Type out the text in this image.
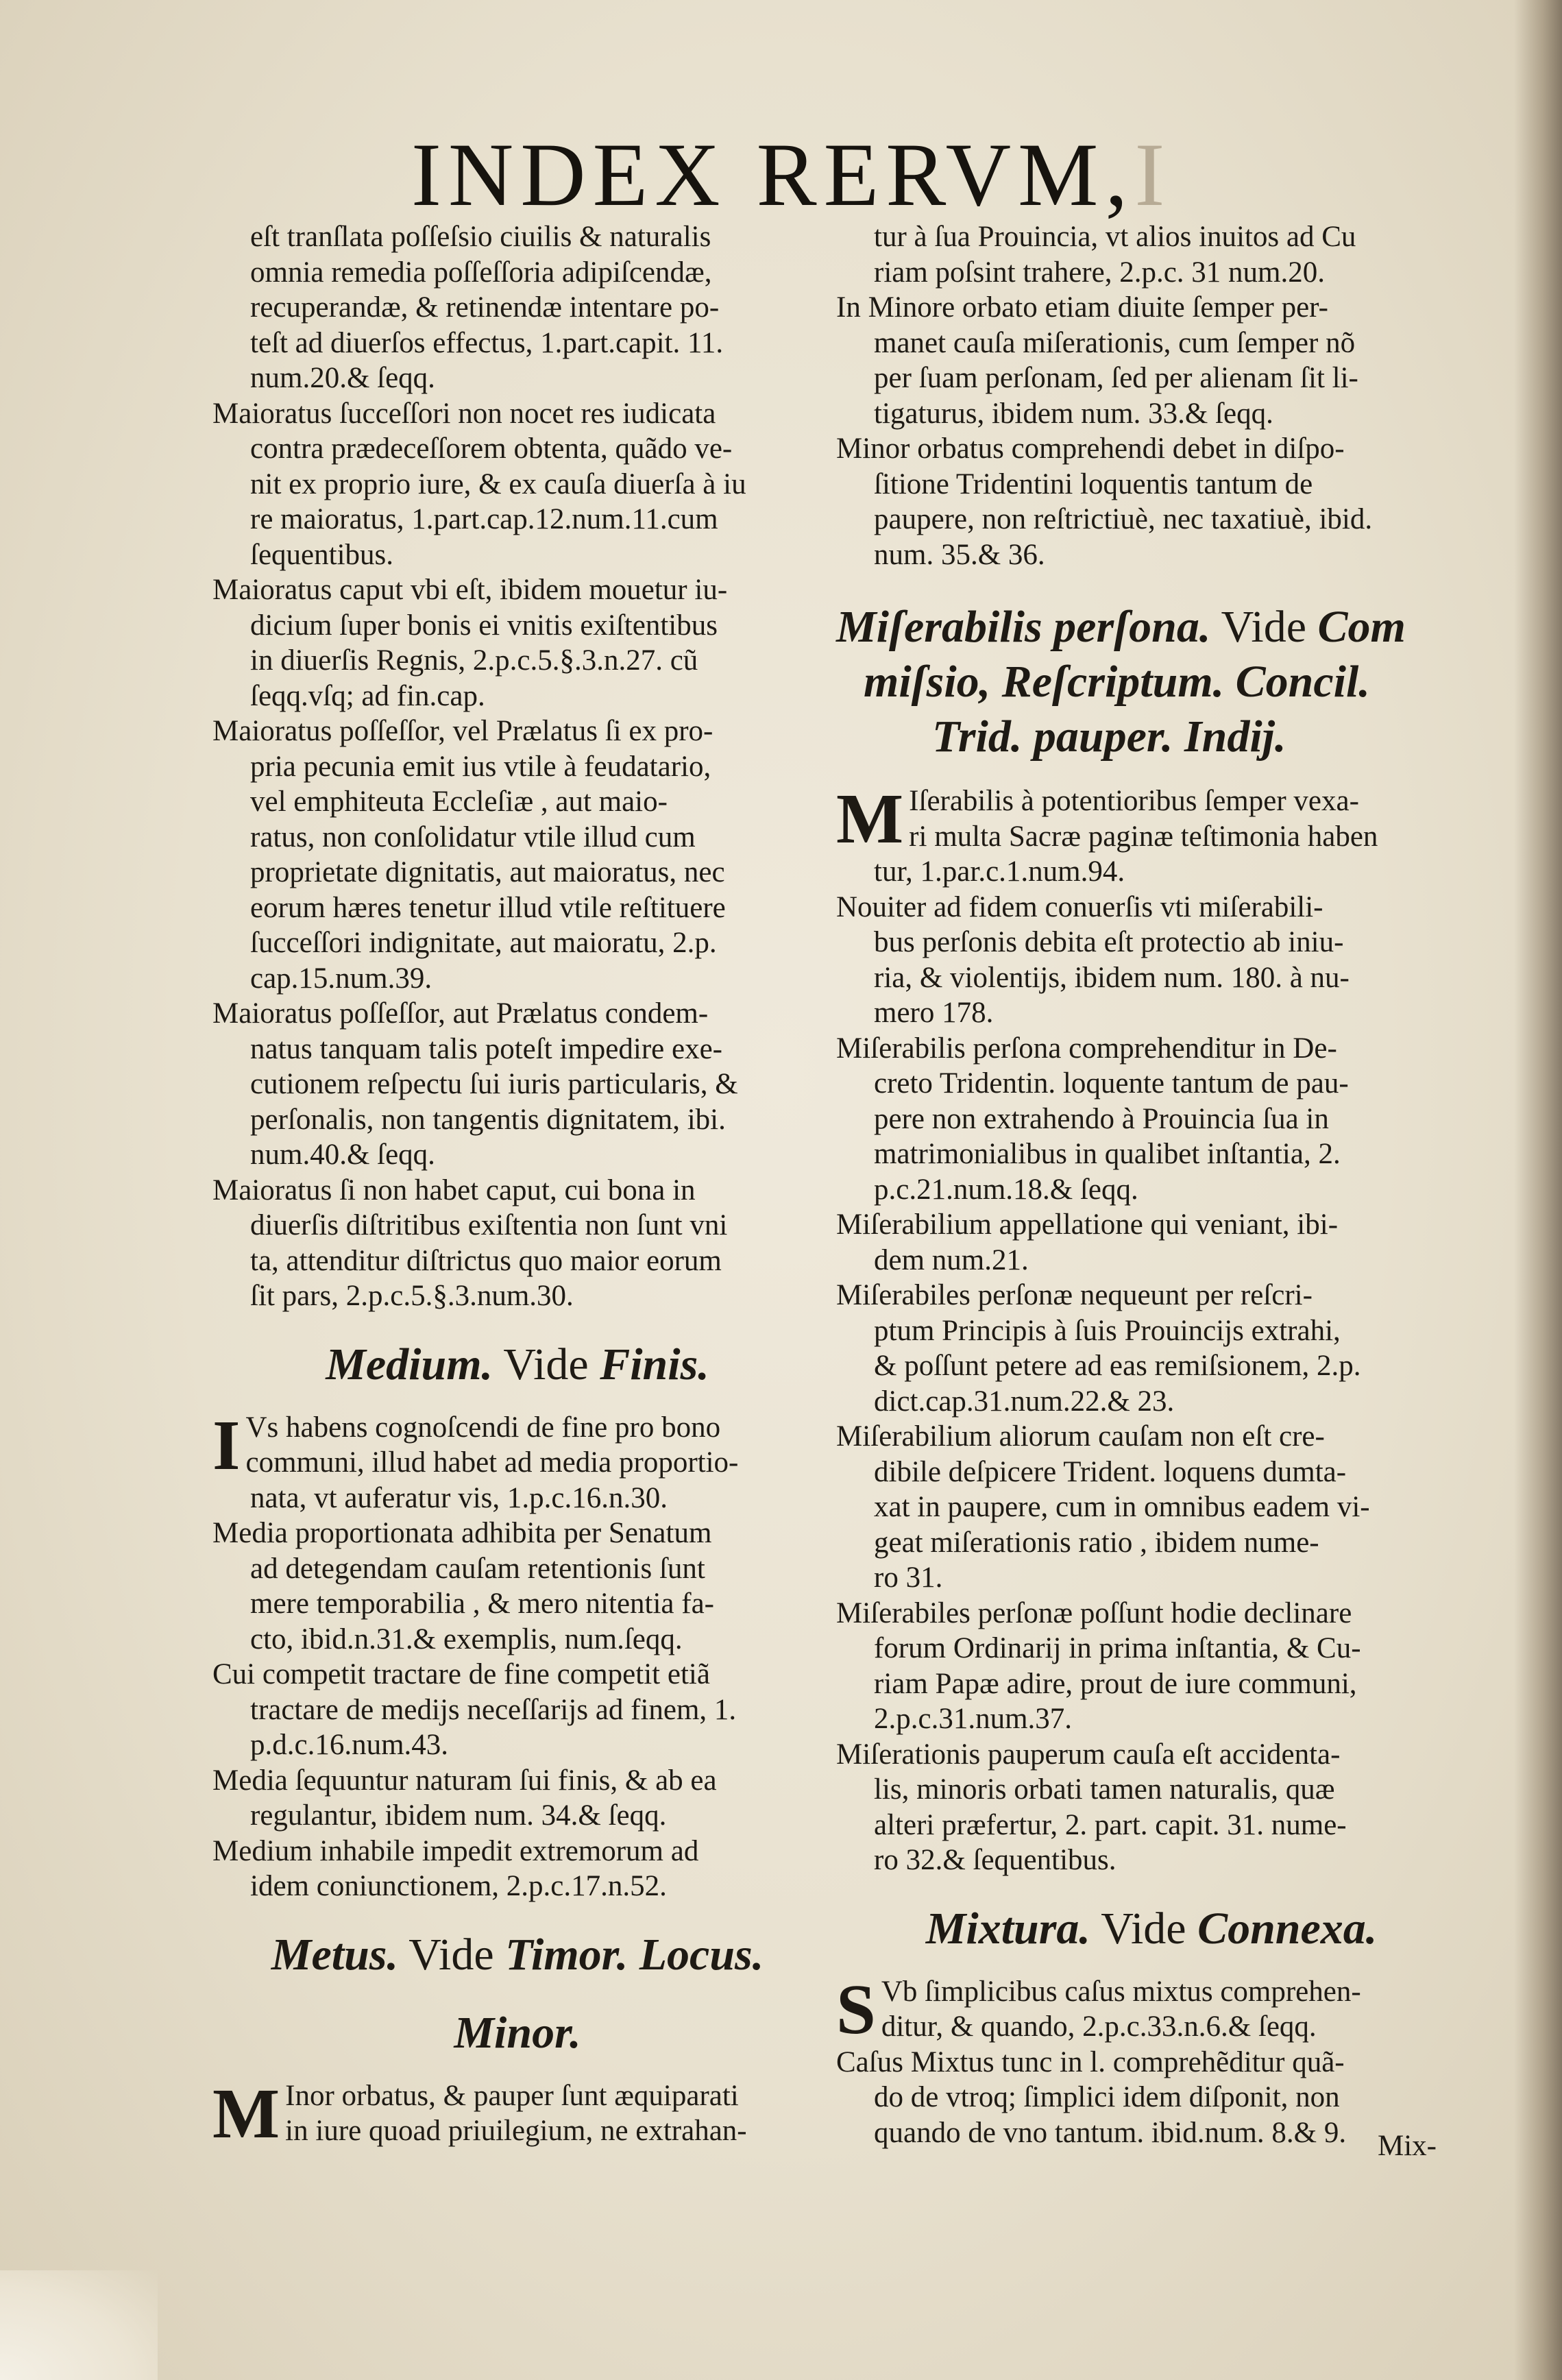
INDEX RERVM,I
eſt tranſlata poſſeſsio ciuilis & naturalis
omnia remedia poſſeſſoria adipiſcendæ,
recuperandæ, & retinendæ intentare po-
teſt ad diuerſos effectus, 1.part.capit. 11.
num.20.& ſeqq.
Maioratus ſucceſſori non nocet res iudicata
contra prædeceſſorem obtenta, quãdo ve-
nit ex proprio iure, & ex cauſa diuerſa à iu
re maioratus, 1.part.cap.12.num.11.cum
ſequentibus.
Maioratus caput vbi eſt, ibidem mouetur iu-
dicium ſuper bonis ei vnitis exiſtentibus
in diuerſis Regnis, 2.p.c.5.§.3.n.27. cũ
ſeqq.vſq; ad fin.cap.
Maioratus poſſeſſor, vel Prælatus ſi ex pro-
pria pecunia emit ius vtile à feudatario,
vel emphiteuta Eccleſiæ , aut maio-
ratus, non conſolidatur vtile illud cum
proprietate dignitatis, aut maioratus, nec
eorum hæres tenetur illud vtile reſtituere
ſucceſſori indignitate, aut maioratu, 2.p.
cap.15.num.39.
Maioratus poſſeſſor, aut Prælatus condem-
natus tanquam talis poteſt impedire exe-
cutionem reſpectu ſui iuris particularis, &
perſonalis, non tangentis dignitatem, ibi.
num.40.& ſeqq.
Maioratus ſi non habet caput, cui bona in
diuerſis diſtritibus exiſtentia non ſunt vni
ta, attenditur diſtrictus quo maior eorum
ſit pars, 2.p.c.5.§.3.num.30.
Medium. Vide Finis.
I Vs habens cognoſcendi de fine pro bono
communi, illud habet ad media proportio-
nata, vt auferatur vis, 1.p.c.16.n.30.
Media proportionata adhibita per Senatum
ad detegendam cauſam retentionis ſunt
mere temporabilia , & mero nitentia fa-
cto, ibid.n.31.& exemplis, num.ſeqq.
Cui competit tractare de fine competit etiã
tractare de medijs neceſſarijs ad finem, 1.
p.d.c.16.num.43.
Media ſequuntur naturam ſui finis, & ab ea
regulantur, ibidem num. 34.& ſeqq.
Medium inhabile impedit extremorum ad
idem coniunctionem, 2.p.c.17.n.52.
Metus. Vide Timor. Locus.
Minor.
M Inor orbatus, & pauper ſunt æquiparati
in iure quoad priuilegium, ne extrahan-
tur à ſua Prouincia, vt alios inuitos ad Cu
riam poſsint trahere, 2.p.c. 31 num.20.
In Minore orbato etiam diuite ſemper per-
manet cauſa miſerationis, cum ſemper nõ
per ſuam perſonam, ſed per alienam ſit li-
tigaturus, ibidem num. 33.& ſeqq.
Minor orbatus comprehendi debet in diſpo-
ſitione Tridentini loquentis tantum de
paupere, non reſtrictiuè, nec taxatiuè, ibid.
num. 35.& 36.
Miſerabilis perſona. Vide Com
miſsio, Reſcriptum. Concil.
Trid. pauper. Indij.
M Iſerabilis à potentioribus ſemper vexa-
ri multa Sacræ paginæ teſtimonia haben
tur, 1.par.c.1.num.94.
Nouiter ad fidem conuerſis vti miſerabili-
bus perſonis debita eſt protectio ab iniu-
ria, & violentijs, ibidem num. 180. à nu-
mero 178.
Miſerabilis perſona comprehenditur in De-
creto Tridentin. loquente tantum de pau-
pere non extrahendo à Prouincia ſua in
matrimonialibus in qualibet inſtantia, 2.
p.c.21.num.18.& ſeqq.
Miſerabilium appellatione qui veniant, ibi-
dem num.21.
Miſerabiles perſonæ nequeunt per reſcri-
ptum Principis à ſuis Prouincijs extrahi,
& poſſunt petere ad eas remiſsionem, 2.p.
dict.cap.31.num.22.& 23.
Miſerabilium aliorum cauſam non eſt cre-
dibile deſpicere Trident. loquens dumta-
xat in paupere, cum in omnibus eadem vi-
geat miſerationis ratio , ibidem nume-
ro 31.
Miſerabiles perſonæ poſſunt hodie declinare
forum Ordinarij in prima inſtantia, & Cu-
riam Papæ adire, prout de iure communi,
2.p.c.31.num.37.
Miſerationis pauperum cauſa eſt accidenta-
lis, minoris orbati tamen naturalis, quæ
alteri præfertur, 2. part. capit. 31. nume-
ro 32.& ſequentibus.
Mixtura. Vide Connexa.
S Vb ſimplicibus caſus mixtus comprehen-
ditur, & quando, 2.p.c.33.n.6.& ſeqq.
Caſus Mixtus tunc in l. comprehẽditur quã-
do de vtroq; ſimplici idem diſponit, non
quando de vno tantum. ibid.num. 8.& 9.	Mix-
